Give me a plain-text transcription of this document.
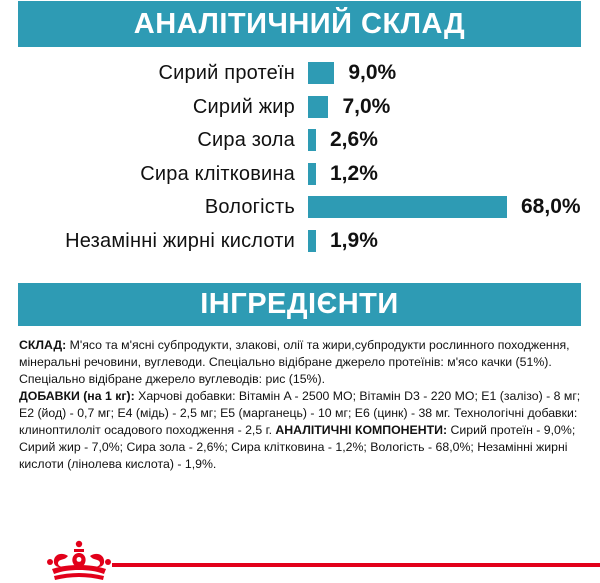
АНАЛІТИЧНИЙ СКЛАД
Сирий протеїн	9,0%
Сирий жир 7,0%
Сира зола 2,6%
Сира клітковина 1,2%
Вологість	68,0%
Незамінні жирні кислоти 1,9%
ІНГРЕДІЄНТИ
СКЛАД: М'ясо та м'ясні субпродукти, злакові, олії та жири,субпродукти рослинного походження, мінеральні речовини, вуглеводи. Спеціально відібране джерело протеїнів: м'ясо качки (51%). Спеціально відібране джерело вуглеводів: рис (15%).
ДОБАВКИ (на 1 кг): Харчові добавки: Вітамін A - 2500 МО; Вітамін D3 - 220 МО; E1 (залізо) - 8 мг; E2 (йод) - 0,7 мг; E4 (мідь) - 2,5 мг; E5 (марганець) - 10 мг; E6 (цинк) - 38 мг. Технологічні добавки: клиноптилоліт осадового походження - 2,5 г. АНАЛІТИЧНІ КОМПОНЕНТИ: Сирий протеїн - 9,0%; Сирий жир - 7,0%; Сира зола - 2,6%; Сира клітковина - 1,2%; Вологість - 68,0%; Незамінні жирні кислоти (лінолева кислота) - 1,9%.
